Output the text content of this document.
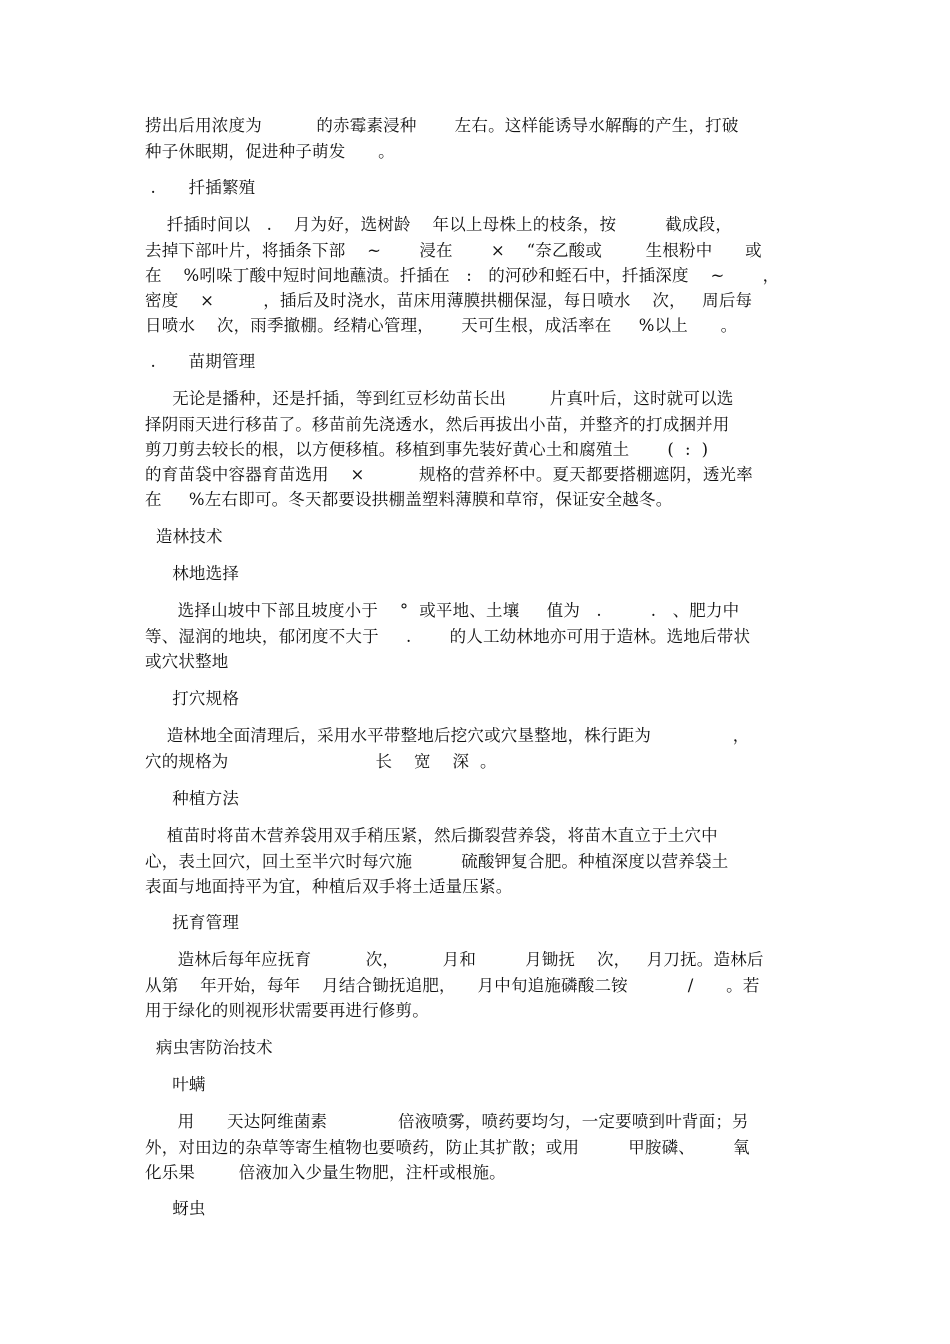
捞出后用浓度为          的赤霉素浸种       左右。这样能诱导水解酶的产生，打破
种子休眠期，促进种子萌发      。
.      扦插繁殖
扦插时间以   .    月为好，选树龄    年以上母株上的枝条，按         截成段，
去掉下部叶片，将插条下部    ~       浸在       ×    “奈乙酸或        生根粉中      或
在    %吲哚丁酸中短时间地蘸渍。扦插在   :   的河砂和蛭石中，扦插深度    ~       ，
密度    ×         ，插后及时浇水，苗床用薄膜拱棚保湿，每日喷水    次，   周后每
日喷水    次，雨季撤棚。经精心管理，     天可生根，成活率在     %以上      。
.      苗期管理
无论是播种，还是扦插，等到红豆杉幼苗长出        片真叶后，这时就可以选
择阴雨天进行移苗了。移苗前先浇透水，然后再拔出小苗，并整齐的打成捆并用
剪刀剪去较长的根，以方便移植。移植到事先装好黄心土和腐殖土       (  :  )
的育苗袋中容器育苗选用    ×          规格的营养杯中。夏天都要搭棚遮阴，透光率
在     %左右即可。冬天都要设拱棚盖塑料薄膜和草帘，保证安全越冬。
造林技术
林地选择
选择山坡中下部且坡度小于    °  或平地、土壤     值为   .         .   、肥力中
等、湿润的地块，郁闭度不大于     .       的人工幼林地亦可用于造林。选地后带状
或穴状整地
打穴规格
造林地全面清理后，采用水平带整地后挖穴或穴垦整地，株行距为               ，
穴的规格为                           长    宽    深  。
种植方法
植苗时将苗木营养袋用双手稍压紧，然后撕裂营养袋，将苗木直立于土穴中
心，表土回穴，回土至半穴时每穴施         硫酸钾复合肥。种植深度以营养袋土
表面与地面持平为宜，种植后双手将土适量压紧。
抚育管理
造林后每年应抚育          次，        月和         月锄抚    次，   月刀抚。造林后
从第    年开始，每年    月结合锄抚追肥，    月中旬追施磷酸二铵           /      。若
用于绿化的则视形状需要再进行修剪。
病虫害防治技术
叶螨
用      天达阿维菌素             倍液喷雾，喷药要均匀，一定要喷到叶背面；另
外，对田边的杂草等寄生植物也要喷药，防止其扩散；或用         甲胺磷、       氧
化乐果        倍液加入少量生物肥，注杆或根施。
蚜虫
